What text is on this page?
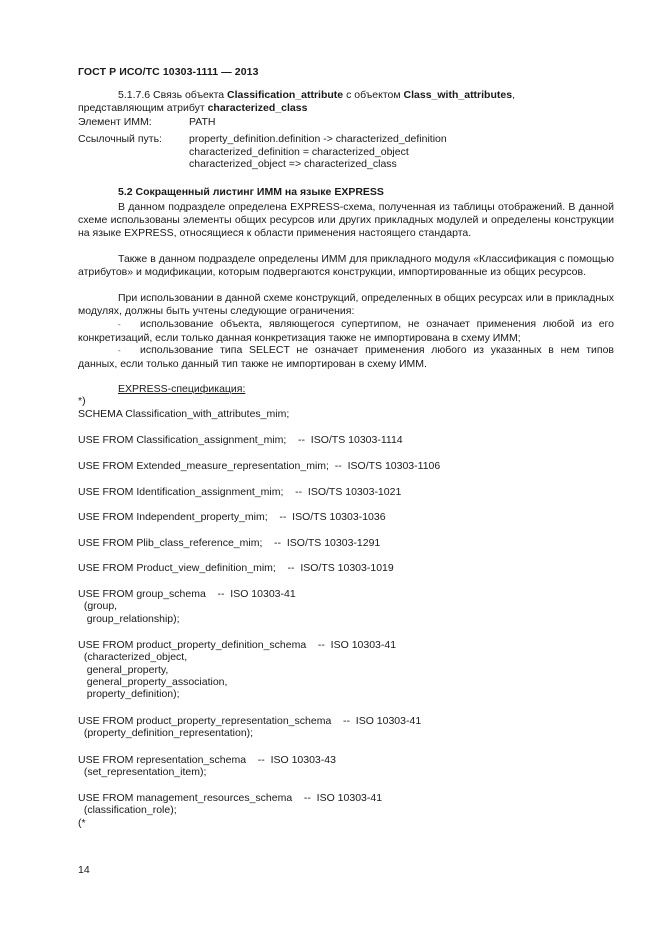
ГОСТ Р ИСО/ТС 10303-1111 — 2013
5.1.7.6 Связь объекта Classification_attribute с объектом Class_with_attributes,
представляющим атрибут characterized_class
Элемент ИММ:	PATH
Ссылочный путь:	property_definition.definition -> characterized_definition
characterized_definition = characterized_object
characterized_object => characterized_class
5.2 Сокращенный листинг ИММ на языке EXPRESS
В данном подразделе определена EXPRESS-схема, полученная из таблицы отображений. В данной схеме использованы элементы общих ресурсов или других прикладных модулей и определены конструкции на языке EXPRESS, относящиеся к области применения настоящего стандарта.
Также в данном подразделе определены ИММ для прикладного модуля «Классификация с помощью атрибутов» и модификации, которым подвергаются конструкции, импортированные из общих ресурсов.
При использовании в данной схеме конструкций, определенных в общих ресурсах или в прикладных модулях, должны быть учтены следующие ограничения:
- использование объекта, являющегося супертипом, не означает применения любой из его конкретизаций, если только данная конкретизация также не импортирована в схему ИММ;
- использование типа SELECT не означает применения любого из указанных в нем типов данных, если только данный тип также не импортирован в схему ИММ.
EXPRESS-спецификация:
*)
SCHEMA Classification_with_attributes_mim;
USE FROM Classification_assignment_mim;    --  ISO/TS 10303-1114
USE FROM Extended_measure_representation_mim;  --  ISO/TS 10303-1106
USE FROM Identification_assignment_mim;    --  ISO/TS 10303-1021
USE FROM Independent_property_mim;    --  ISO/TS 10303-1036
USE FROM Plib_class_reference_mim;    --  ISO/TS 10303-1291
USE FROM Product_view_definition_mim;    --  ISO/TS 10303-1019
USE FROM group_schema    --  ISO 10303-41
(group,
group_relationship);
USE FROM product_property_definition_schema    --  ISO 10303-41
(characterized_object,
general_property,
general_property_association,
property_definition);
USE FROM product_property_representation_schema    --  ISO 10303-41
(property_definition_representation);
USE FROM representation_schema    --  ISO 10303-43
(set_representation_item);
USE FROM management_resources_schema    --  ISO 10303-41
(classification_role);
(*
14
